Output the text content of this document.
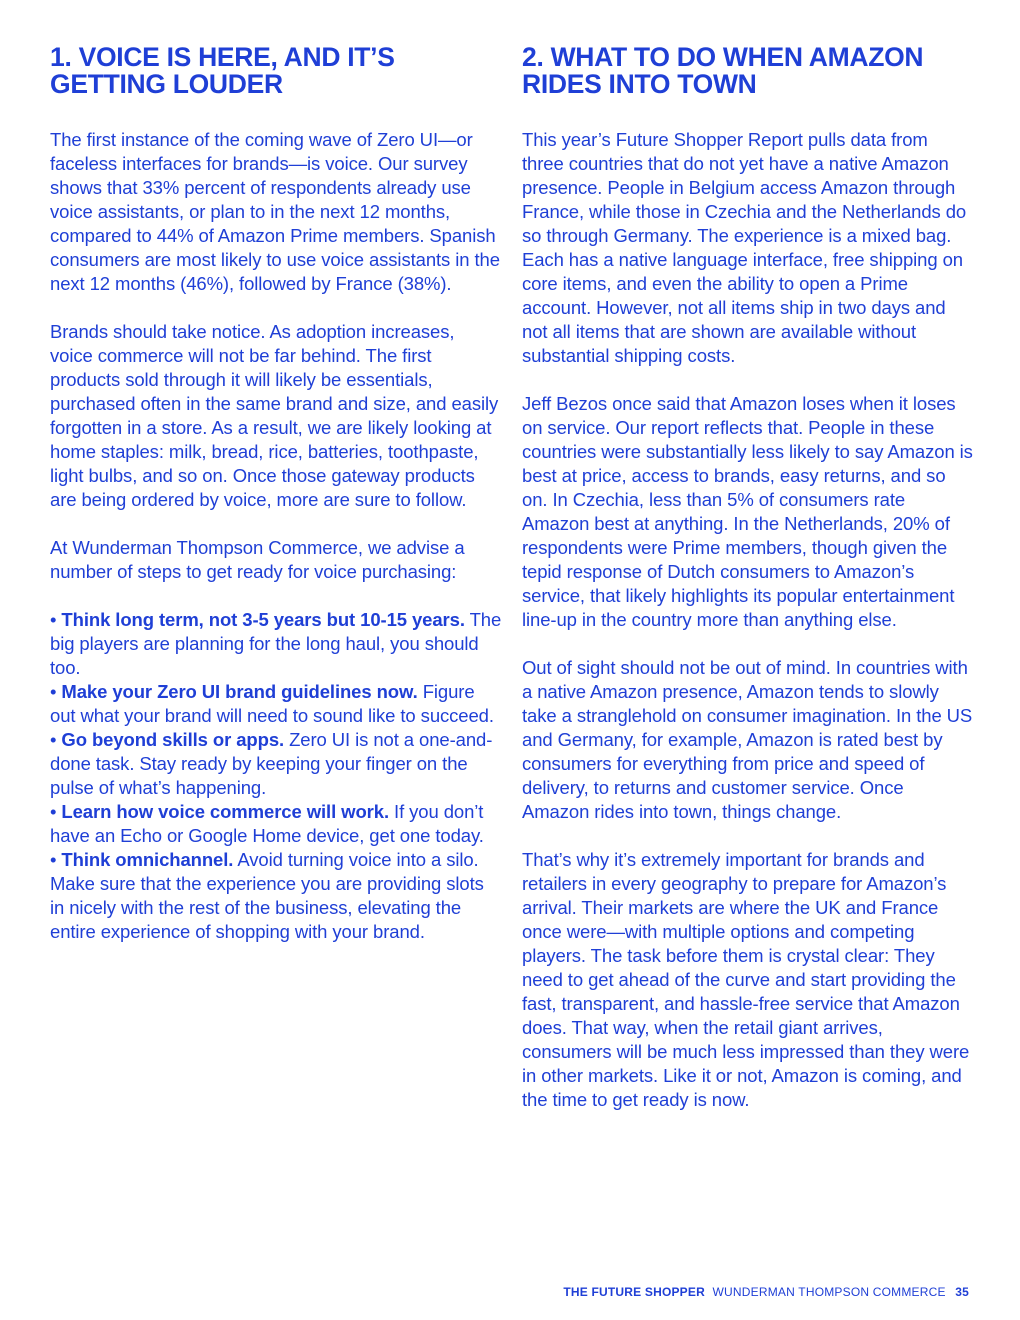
1. VOICE IS HERE, AND IT’S GETTING LOUDER

The first instance of the coming wave of Zero UI—or faceless interfaces for brands—is voice. Our survey shows that 33% percent of respondents already use voice assistants, or plan to in the next 12 months, compared to 44% of Amazon Prime members. Spanish consumers are most likely to use voice assistants in the next 12 months (46%), followed by France (38%).

Brands should take notice. As adoption increases, voice commerce will not be far behind. The first products sold through it will likely be essentials, purchased often in the same brand and size, and easily forgotten in a store. As a result, we are likely looking at home staples: milk, bread, rice, batteries, toothpaste, light bulbs, and so on. Once those gateway products are being ordered by voice, more are sure to follow.

At Wunderman Thompson Commerce, we advise a number of steps to get ready for voice purchasing:

• Think long term, not 3-5 years but 10-15 years. The big players are planning for the long haul, you should too.
• Make your Zero UI brand guidelines now. Figure out what your brand will need to sound like to succeed.
• Go beyond skills or apps. Zero UI is not a one-and-done task. Stay ready by keeping your finger on the pulse of what’s happening.
• Learn how voice commerce will work. If you don’t have an Echo or Google Home device, get one today.
• Think omnichannel. Avoid turning voice into a silo. Make sure that the experience you are providing slots in nicely with the rest of the business, elevating the entire experience of shopping with your brand.
2. WHAT TO DO WHEN AMAZON RIDES INTO TOWN

This year’s Future Shopper Report pulls data from three countries that do not yet have a native Amazon presence. People in Belgium access Amazon through France, while those in Czechia and the Netherlands do so through Germany. The experience is a mixed bag. Each has a native language interface, free shipping on core items, and even the ability to open a Prime account. However, not all items ship in two days and not all items that are shown are available without substantial shipping costs.

Jeff Bezos once said that Amazon loses when it loses on service. Our report reflects that. People in these countries were substantially less likely to say Amazon is best at price, access to brands, easy returns, and so on. In Czechia, less than 5% of consumers rate Amazon best at anything. In the Netherlands, 20% of respondents were Prime members, though given the tepid response of Dutch consumers to Amazon’s service, that likely highlights its popular entertainment line-up in the country more than anything else.

Out of sight should not be out of mind. In countries with a native Amazon presence, Amazon tends to slowly take a stranglehold on consumer imagination. In the US and Germany, for example, Amazon is rated best by consumers for everything from price and speed of delivery, to returns and customer service. Once Amazon rides into town, things change.

That’s why it’s extremely important for brands and retailers in every geography to prepare for Amazon’s arrival. Their markets are where the UK and France once were—with multiple options and competing players. The task before them is crystal clear: They need to get ahead of the curve and start providing the fast, transparent, and hassle-free service that Amazon does. That way, when the retail giant arrives, consumers will be much less impressed than they were in other markets. Like it or not, Amazon is coming, and the time to get ready is now.

THE FUTURE SHOPPER WUNDERMAN THOMPSON COMMERCE 35
